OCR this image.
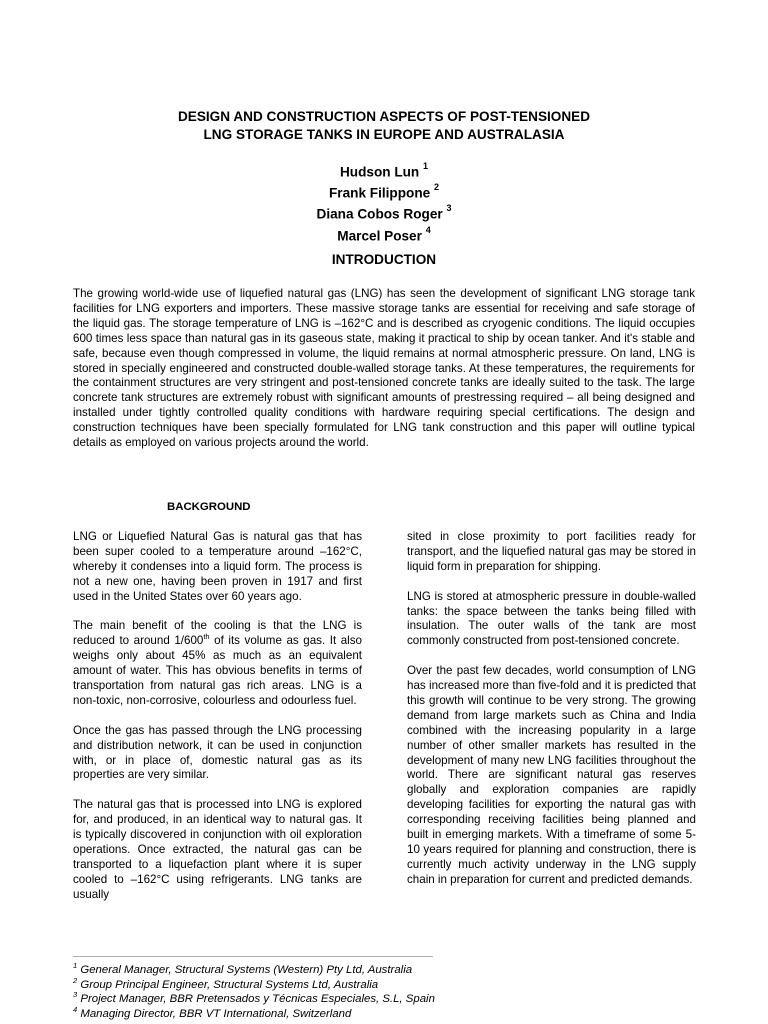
DESIGN AND CONSTRUCTION ASPECTS OF POST-TENSIONED
LNG STORAGE TANKS IN EUROPE AND AUSTRALASIA
Hudson Lun $^1$
Frank Filippone $^2$
Diana Cobos Roger $^3$
Marcel Poser $^4$
INTRODUCTION

The growing world-wide use of liquefied natural gas (LNG) has seen the development of significant LNG storage tank facilities for LNG exporters and importers. These massive storage tanks are essential for receiving and safe storage of the liquid gas. The storage temperature of LNG is –162°C and is described as cryogenic conditions. The liquid occupies 600 times less space than natural gas in its gaseous state, making it practical to ship by ocean tanker. And it's stable and safe, because even though compressed in volume, the liquid remains at normal atmospheric pressure. On land, LNG is stored in specially engineered and constructed double-walled storage tanks. At these temperatures, the requirements for the containment structures are very stringent and post-tensioned concrete tanks are ideally suited to the task. The large concrete tank structures are extremely robust with significant amounts of prestressing required – all being designed and installed under tightly controlled quality conditions with hardware requiring special certifications. The design and construction techniques have been specially formulated for LNG tank construction and this paper will outline typical details as employed on various projects around the world.

BACKGROUND

LNG or Liquefied Natural Gas is natural gas that has been super cooled to a temperature around –162°C, whereby it condenses into a liquid form. The process is not a new one, having been proven in 1917 and first used in the United States over 60 years ago.

The main benefit of the cooling is that the LNG is reduced to around 1/600th of its volume as gas. It also weighs only about 45% as much as an equivalent amount of water. This has obvious benefits in terms of transportation from natural gas rich areas. LNG is a non-toxic, non-corrosive, colourless and odourless fuel.

Once the gas has passed through the LNG processing and distribution network, it can be used in conjunction with, or in place of, domestic natural gas as its properties are very similar.

The natural gas that is processed into LNG is explored for, and produced, in an identical way to natural gas. It is typically discovered in conjunction with oil exploration operations. Once extracted, the natural gas can be transported to a liquefaction plant where it is super cooled to –162°C using refrigerants. LNG tanks are usually

sited in close proximity to port facilities ready for transport, and the liquefied natural gas may be stored in liquid form in preparation for shipping.

LNG is stored at atmospheric pressure in double-walled tanks: the space between the tanks being filled with insulation. The outer walls of the tank are most commonly constructed from post-tensioned concrete.

Over the past few decades, world consumption of LNG has increased more than five-fold and it is predicted that this growth will continue to be very strong. The growing demand from large markets such as China and India combined with the increasing popularity in a large number of other smaller markets has resulted in the development of many new LNG facilities throughout the world. There are significant natural gas reserves globally and exploration companies are rapidly developing facilities for exporting the natural gas with corresponding receiving facilities being planned and built in emerging markets. With a timeframe of some 5-10 years required for planning and construction, there is currently much activity underway in the LNG supply chain in preparation for current and predicted demands.

$^1$ General Manager, Structural Systems (Western) Pty Ltd, Australia
$^2$ Group Principal Engineer, Structural Systems Ltd, Australia
$^3$ Project Manager, BBR Pretensados y Técnicas Especiales, S.L, Spain
$^4$ Managing Director, BBR VT International, Switzerland
